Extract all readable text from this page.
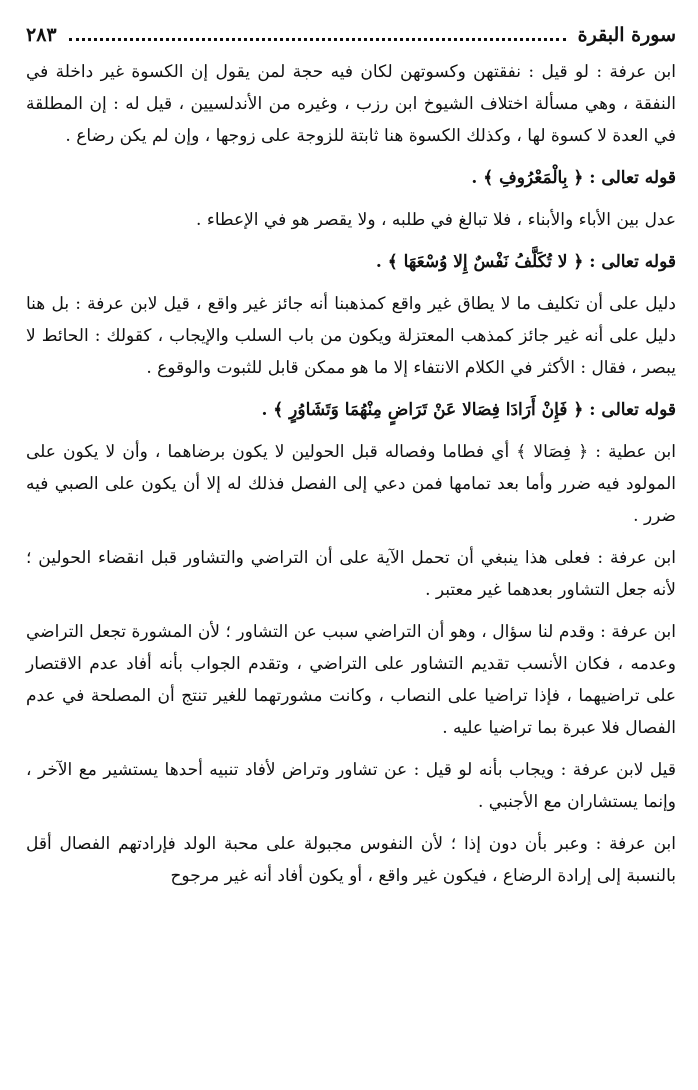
سورة البقرة
٢٨٣

ابن عرفة : لو قيل : نفقتهن وكسوتهن لكان فيه حجة لمن يقول إن الكسوة غير داخلة في النفقة ، وهي مسألة اختلاف الشيوخ ابن رزب ، وغيره من الأندلسيين ، قيل له : إن المطلقة في العدة لا كسوة لها ، وكذلك الكسوة هنا ثابتة للزوجة على زوجها ، وإن لم يكن رضاع .

قوله تعالى : ﴿ بِالْمَعْرُوفِ ﴾ .

عدل بين الأباء والأبناء ، فلا تبالغ في طلبه ، ولا يقصر هو في الإعطاء .

قوله تعالى : ﴿ لا تُكَلَّفُ نَفْسٌ إِلا وُسْعَهَا ﴾ .

دليل على أن تكليف ما لا يطاق غير واقع كمذهبنا أنه جائز غير واقع ، قيل لابن عرفة : بل هنا دليل على أنه غير جائز كمذهب المعتزلة ويكون من باب السلب والإيجاب ، كقولك : الحائط لا يبصر ، فقال : الأكثر في الكلام الانتفاء إلا ما هو ممكن قابل للثبوت والوقوع .

قوله تعالى : ﴿ فَإِنْ أَرَادَا فِصَالا عَنْ تَرَاضٍ مِنْهُمَا وَتَشَاوُرٍ ﴾ .

ابن عطية : ﴿ فِصَالا ﴾ أي فطاما وفصاله قبل الحولين لا يكون برضاهما ، وأن لا يكون على المولود فيه ضرر وأما بعد تمامها فمن دعي إلى الفصل فذلك له إلا أن يكون على الصبي فيه ضرر .

ابن عرفة : فعلى هذا ينبغي أن تحمل الآية على أن التراضي والتشاور قبل انقضاء الحولين ؛ لأنه جعل التشاور بعدهما غير معتبر .

ابن عرفة : وقدم لنا سؤال ، وهو أن التراضي سبب عن التشاور ؛ لأن المشورة تجعل التراضي وعدمه ، فكان الأنسب تقديم التشاور على التراضي ، وتقدم الجواب بأنه أفاد عدم الاقتصار على تراضيهما ، فإذا تراضيا على النصاب ، وكانت مشورتهما للغير تنتج أن المصلحة في عدم الفصال فلا عبرة بما تراضيا عليه .

قيل لابن عرفة : ويجاب بأنه لو قيل : عن تشاور وتراض لأفاد تنبيه أحدها يستشير مع الآخر ، وإنما يستشاران مع الأجنبي .

ابن عرفة : وعبر بأن دون إذا ؛ لأن النفوس مجبولة على محبة الولد فإرادتهم الفصال أقل بالنسبة إلى إرادة الرضاع ، فيكون غير واقع ، أو يكون أفاد أنه غير مرجوح
